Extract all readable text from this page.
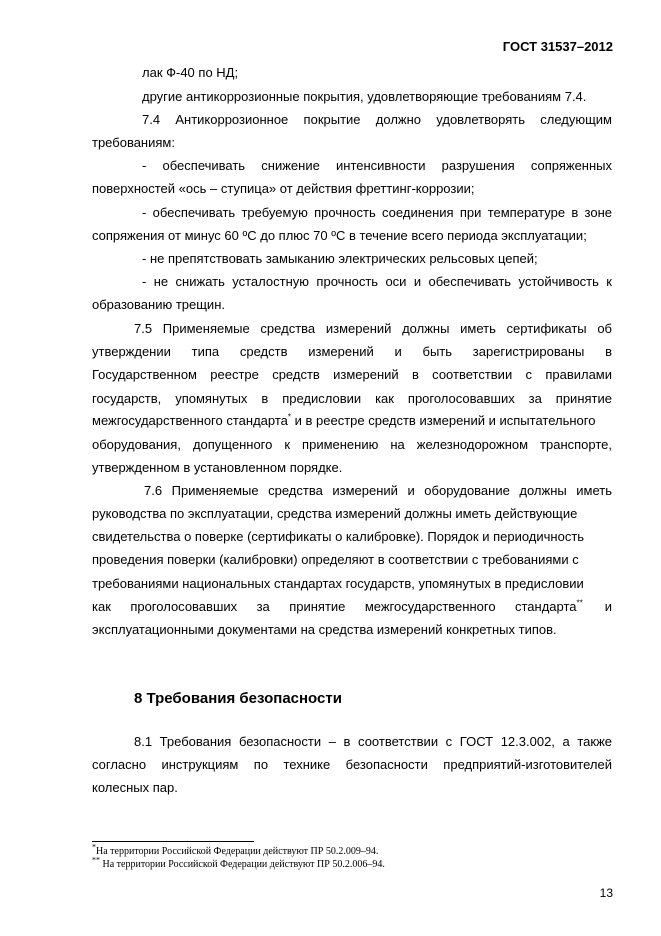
ГОСТ 31537–2012
лак Ф-40 по НД;
другие антикоррозионные покрытия, удовлетворяющие требованиям 7.4.
7.4 Антикоррозионное покрытие должно удовлетворять следующим
требованиям:
- обеспечивать снижение интенсивности разрушения сопряженных
поверхностей «ось – ступица» от действия фреттинг-коррозии;
- обеспечивать требуемую прочность соединения при температуре в зоне
сопряжения от минус 60 ºС до плюс 70 ºС в течение всего периода эксплуатации;
- не препятствовать замыканию электрических рельсовых цепей;
- не снижать усталостную прочность оси и обеспечивать устойчивость к
образованию трещин.
7.5 Применяемые средства измерений должны иметь сертификаты об
утверждении типа средств измерений и быть зарегистрированы в
Государственном реестре средств измерений в соответствии с правилами
государств, упомянутых в предисловии как проголосовавших за принятие
межгосударственного стандарта* и в реестре средств измерений и испытательного
оборудования, допущенного к применению на железнодорожном транспорте,
утвержденном в установленном порядке.
7.6 Применяемые средства измерений и оборудование должны иметь
руководства по эксплуатации, средства измерений должны иметь действующие
свидетельства о поверке (сертификаты о калибровке). Порядок и периодичность
проведения поверки (калибровки) определяют в соответствии с требованиями с
требованиями национальных стандартах государств, упомянутых в предисловии
как проголосовавших за принятие межгосударственного стандарта** и
эксплуатационными документами на средства измерений конкретных типов.
8 Требования безопасности
8.1 Требования безопасности – в соответствии с ГОСТ 12.3.002, а также
согласно инструкциям по технике безопасности предприятий-изготовителей
колесных пар.
*На территории Российской Федерации действуют ПР 50.2.009–94.
** На территории Российской Федерации действуют ПР 50.2.006–94.
13
